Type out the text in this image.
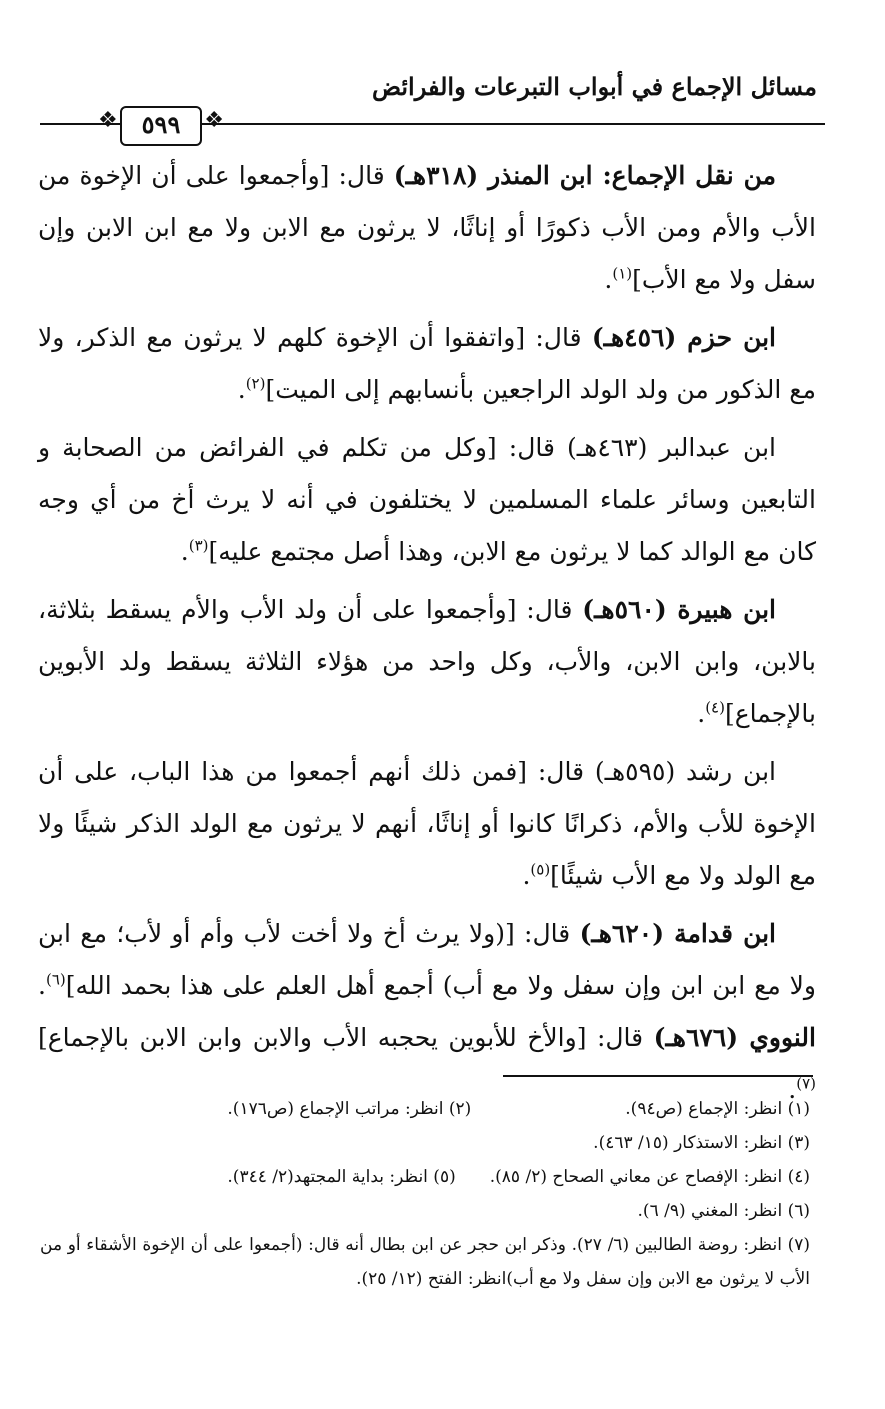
مسائل الإجماع في أبواب التبرعات والفرائض
❖
٥٩٩
❖

من نقل الإجماع: ابن المنذر (٣١٨هـ) قال: [وأجمعوا على أن الإخوة من الأب والأم ومن الأب ذكورًا أو إناثًا، لا يرثون مع الابن ولا مع ابن الابن وإن سفل ولا مع الأب]$^{(١)}$.

ابن حزم (٤٥٦هـ) قال: [واتفقوا أن الإخوة كلهم لا يرثون مع الذكر، ولا مع الذكور من ولد الولد الراجعين بأنسابهم إلى الميت]$^{(٢)}$.

ابن عبدالبر (٤٦٣هـ) قال: [وكل من تكلم في الفرائض من الصحابة و التابعين وسائر علماء المسلمين لا يختلفون في أنه لا يرث أخ من أي وجه كان مع الوالد كما لا يرثون مع الابن، وهذا أصل مجتمع عليه]$^{(٣)}$.

ابن هبيرة (٥٦٠هـ) قال: [وأجمعوا على أن ولد الأب والأم يسقط بثلاثة، بالابن، وابن الابن، والأب، وكل واحد من هؤلاء الثلاثة يسقط ولد الأبوين بالإجماع]$^{(٤)}$.

ابن رشد (٥٩٥هـ) قال: [فمن ذلك أنهم أجمعوا من هذا الباب، على أن الإخوة للأب والأم، ذكرانًا كانوا أو إناثًا، أنهم لا يرثون مع الولد الذكر شيئًا ولا مع الولد ولا مع الأب شيئًا]$^{(٥)}$.

ابن قدامة (٦٢٠هـ) قال: [(ولا يرث أخ ولا أخت لأب وأم أو لأب؛ مع ابن ولا مع ابن ابن وإن سفل ولا مع أب) أجمع أهل العلم على هذا بحمد الله]$^{(٦)}$. النووي (٦٧٦هـ) قال: [والأخ للأبوين يحجبه الأب والابن وابن الابن بالإجماع]$^{(٧)}$.

(١) انظر: الإجماع (ص٩٤).
(٢) انظر: مراتب الإجماع (ص١٧٦).
(٣) انظر: الاستذكار (١٥/ ٤٦٣).
(٤) انظر: الإفصاح عن معاني الصحاح (٢/ ٨٥).
(٥) انظر: بداية المجتهد(٢/ ٣٤٤).
(٦) انظر: المغني (٩/ ٦).
(٧) انظر: روضة الطالبين (٦/ ٢٧). وذكر ابن حجر عن ابن بطال أنه قال: (أجمعوا على أن الإخوة الأشقاء أو من الأب لا يرثون مع الابن وإن سفل ولا مع أب)انظر: الفتح (١٢/ ٢٥).
